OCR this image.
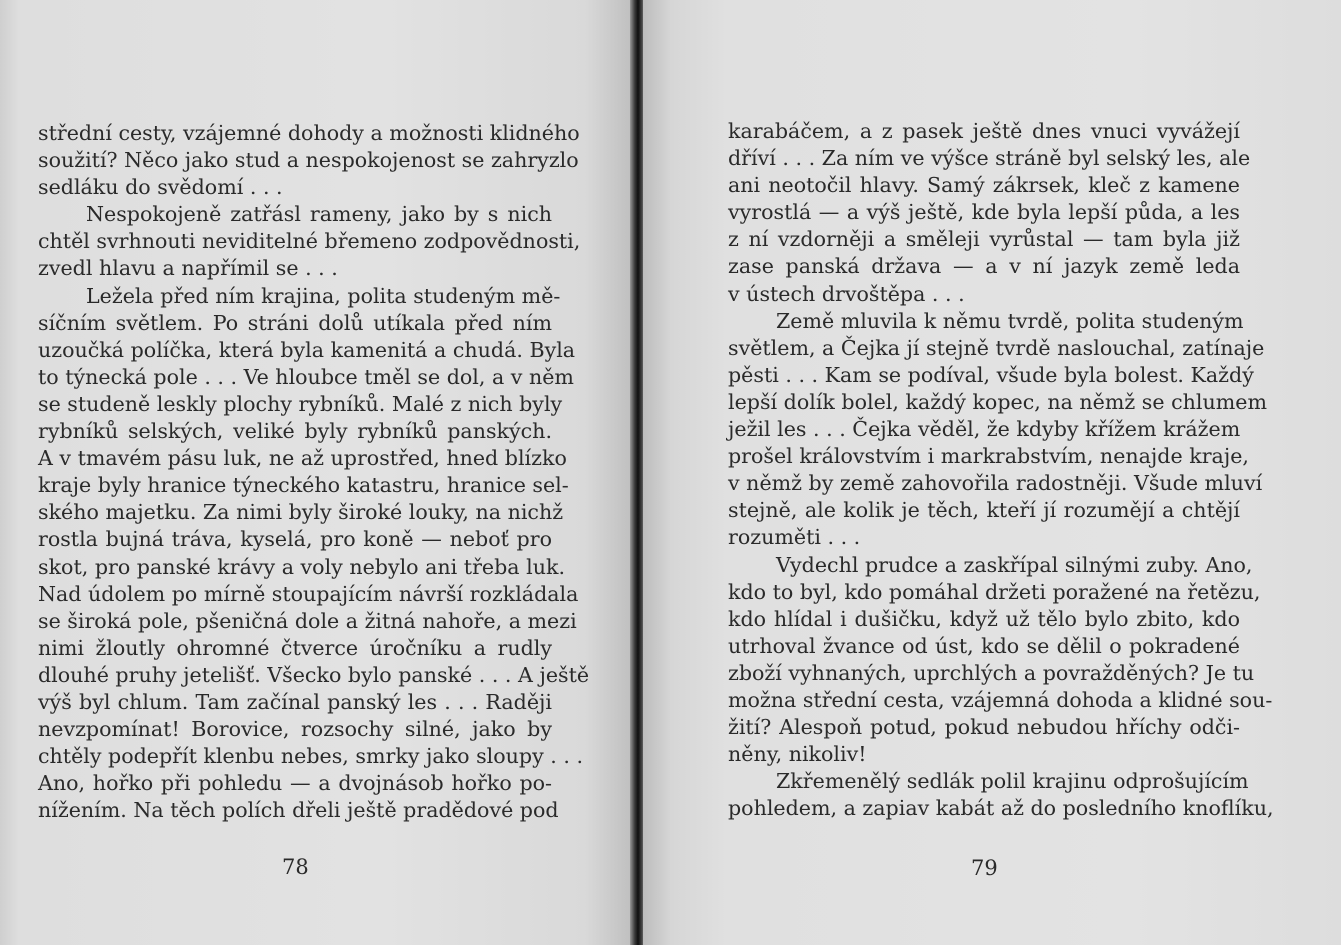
střední cesty, vzájemné dohody a možnosti klidného
soužití? Něco jako stud a nespokojenost se zahryzlo
sedláku do svědomí . . .
Nespokojeně zatřásl rameny, jako by s nich
chtěl svrhnouti neviditelné břemeno zodpovědnosti,
zvedl hlavu a napřímil se . . .
Ležela před ním krajina, polita studeným mě-
síčním světlem. Po stráni dolů utíkala před ním
uzoučká políčka, která byla kamenitá a chudá. Byla
to týnecká pole . . . Ve hloubce tměl se dol, a v něm
se studeně leskly plochy rybníků. Malé z nich byly
rybníků selských, veliké byly rybníků panských.
A v tmavém pásu luk, ne až uprostřed, hned blízko
kraje byly hranice týneckého katastru, hranice sel-
ského majetku. Za nimi byly široké louky, na nichž
rostla bujná tráva, kyselá, pro koně — neboť pro
skot, pro panské krávy a voly nebylo ani třeba luk.
Nad údolem po mírně stoupajícím návrší rozkládala
se široká pole, pšeničná dole a žitná nahoře, a mezi
nimi žloutly ohromné čtverce úročníku a rudly
dlouhé pruhy jetelišť. Všecko bylo panské . . . A ještě
výš byl chlum. Tam začínal panský les . . . Raději
nevzpomínat! Borovice, rozsochy silné, jako by
chtěly podepřít klenbu nebes, smrky jako sloupy . . .
Ano, hořko při pohledu — a dvojnásob hořko po-
nížením. Na těch polích dřeli ještě pradědové pod
78
karabáčem, a z pasek ještě dnes vnuci vyvážejí
dříví . . . Za ním ve výšce stráně byl selský les, ale
ani neotočil hlavy. Samý zákrsek, kleč z kamene
vyrostlá — a výš ještě, kde byla lepší půda, a les
z ní vzdorněji a směleji vyrůstal — tam byla již
zase panská država — a v ní jazyk země leda
v ústech drvoštěpa . . .
Země mluvila k němu tvrdě, polita studeným
světlem, a Čejka jí stejně tvrdě naslouchal, zatínaje
pěsti . . . Kam se podíval, všude byla bolest. Každý
lepší dolík bolel, každý kopec, na němž se chlumem
ježil les . . . Čejka věděl, že kdyby křížem krážem
prošel královstvím i markrabstvím, nenajde kraje,
v němž by země zahovořila radostněji. Všude mluví
stejně, ale kolik je těch, kteří jí rozumějí a chtějí
rozuměti . . .
Vydechl prudce a zaskřípal silnými zuby. Ano,
kdo to byl, kdo pomáhal držeti poražené na řetězu,
kdo hlídal i dušičku, když už tělo bylo zbito, kdo
utrhoval žvance od úst, kdo se dělil o pokradené
zboží vyhnaných, uprchlých a povražděných? Je tu
možna střední cesta, vzájemná dohoda a klidné sou-
žití? Alespoň potud, pokud nebudou hříchy odči-
něny, nikoliv!
Zkřemenělý sedlák polil krajinu odprošujícím
pohledem, a zapiav kabát až do posledního knoflíku,
79
